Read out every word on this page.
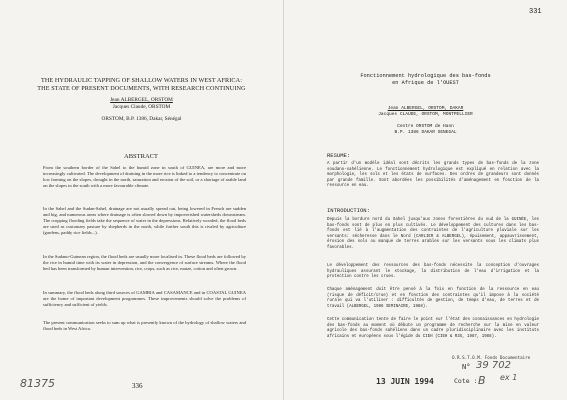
THE HYDRAULIC TAPPING OF SHALLOW WATERS IN WEST AFRICA:
THE STATE OF PRESENT DOCUMENTS, WITH RESEARCH CONTINUING
Jean ALBERGEL, ORSTOM
Jacques Claude, ORSTOM
ORSTOM, B.P. 1386, Dakar, Sénégal
ABSTRACT
From the southern border of the Sahel to the humid zone in south of GUINEA, are more and more increasingly cultivated. The development of draining in the more rice is linked to a tendency to concentrate on low farming on the slopes, drought in the north, saturation and erosion of the soil, or a shortage of arable land on the slopes in the south with a more favourable climate.
In the Sahel and the Sudan-Sahel, drainage are not usually spread out, being lowered in French are sudden and big, and numerous areas where drainage is often slowed down by impoverished watersheds downstream. The cropping flooding fields take the sequence of water in the depressions. Relatively wooded, the flood beds are used as customary pasture by shepherds in the north, while further south this is rivaled by agriculture (gardens, paddy rice fields...).
In the Sudano-Guinean region, the flood beds are usually more localised in. These flood beds are followed by the rice in humid time with its water in depression, and the convergence of surface streams. Where the flood bed has been transformed by human intervention, rice, crops, such as rice, maize, cotton and often grown.
In summary, the flood beds along third sources of GAMBIA and CASAMANCE and in COASTAL GUINEA are the home of important development programmes. These improvements should solve the problems of sufficiency and sufficient of yields.
The present communication seeks to sum up what is presently known of the hydrology of shallow waters and flood beds in West Africa.
336
81375
331
Fonctionnement hydrologique des bas-fonds
en Afrique de l'OUEST
Jean ALBERGEL, ORSTOM, DAKAR
Jacques CLAUDE, ORSTOM, MONTPELLIER
Centre ORSTOM de Hann
B.P. 1386 DAKAR SENEGAL
RESUME:
A partir d'un modèle idéal sont décrits les grands types de bas-fonds de la zone soudano-sahélienne. Le fonctionnement hydrologique est expliqué en relation avec la morphologie, les sols et les états de surfaces. Des ordres de grandeurs sont donnés par grande famille. Sont abordées les possibilités d'aménagement en fonction de la ressource en eau.
INTRODUCTION:
Depuis la bordure nord du Sahel jusqu'aux zones forestières du sud de la GUINÉE, les bas-fonds sont de plus en plus cultivés. Le développement des cultures dans les bas-fonds est lié à l'augmentation des contraintes de l'agriculture pluviale sur les versants: sécheresse dans le Nord (CARLIER & ALBERGEL), épuisement, appauvrissement, érosion des sols ou manque de terres arables sur les versants sous les climats plus favorables.
Le développement des ressources des bas-fonds nécessite la conception d'ouvrages hydrauliques assurant le stockage, la distribution de l'eau d'irrigation et la protection contre les crues.
Chaque aménagement doit être pensé à la fois en fonction de la ressource en eau (risque de déficit/crue) et en fonction des contraintes qu'il impose à la société rurale qui va l'utiliser : difficultés de gestion, de temps d'eau, de terres et de travail (ALBERGEL, 1986 SEMINAIRE, 1988).
Cette communication tente de faire le point sur l'état des connaissances en hydrologie des bas-fonds au moment où débute un programme de recherche sur la mise en valeur agricole des bas-fonds sahéliens dans un cadre pluridisciplinaire avec les instituts africains et européens sous l'égide du CIEH (CIEH & R3S, 1987, 1988).
O.R.S.T.O.M. Fonds Documentaire
N° 39 702
13 JUIN 1994	Cote : B ex 1
